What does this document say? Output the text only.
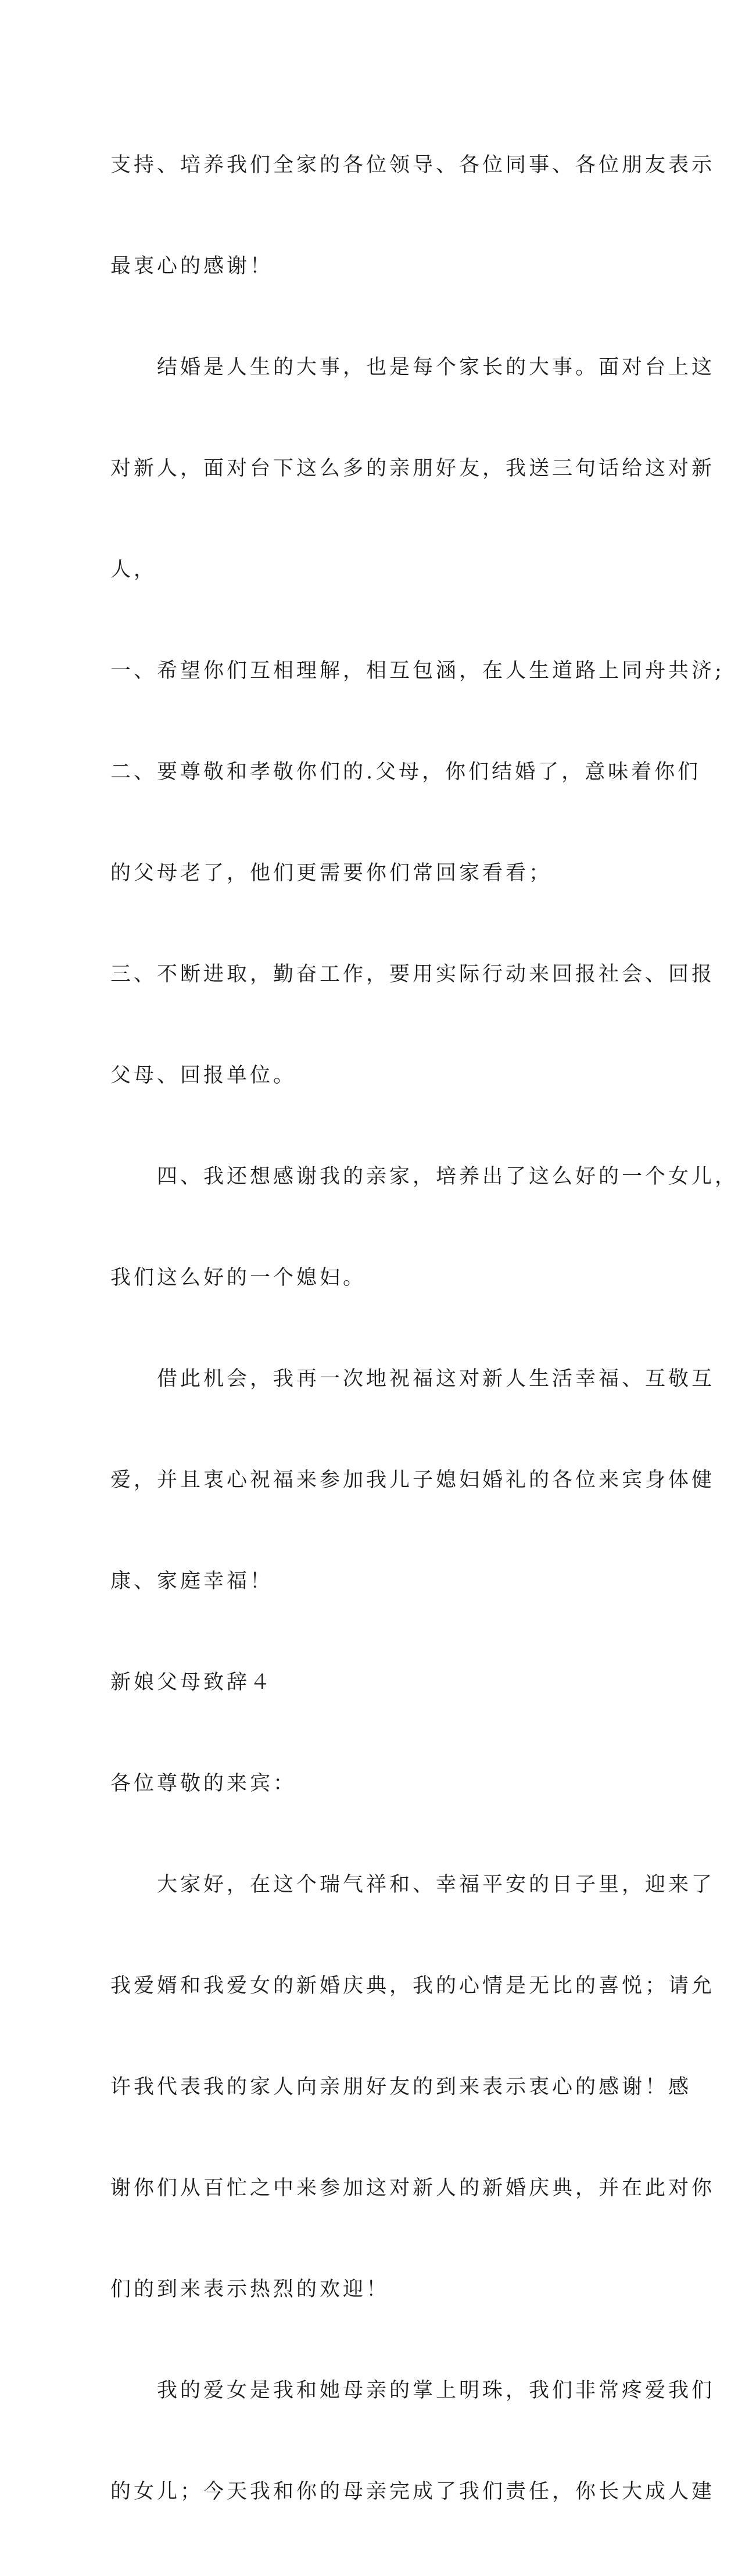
支持、培养我们全家的各位领导、各位同事、各位朋友表示

最衷心的感谢！

　　结婚是人生的大事，也是每个家长的大事。面对台上这

对新人，面对台下这么多的亲朋好友，我送三句话给这对新

人，

一、希望你们互相理解，相互包涵，在人生道路上同舟共济;

二、要尊敬和孝敬你们的.父母，你们结婚了，意味着你们

的父母老了，他们更需要你们常回家看看；

三、不断进取，勤奋工作，要用实际行动来回报社会、回报

父母、回报单位。

　　四、我还想感谢我的亲家，培养出了这么好的一个女儿，

我们这么好的一个媳妇。

　　借此机会，我再一次地祝福这对新人生活幸福、互敬互

爱，并且衷心祝福来参加我儿子媳妇婚礼的各位来宾身体健

康、家庭幸福！

新娘父母致辞４

各位尊敬的来宾：

　　大家好，在这个瑞气祥和、幸福平安的日子里，迎来了

我爱婿和我爱女的新婚庆典，我的心情是无比的喜悦；请允

许我代表我的家人向亲朋好友的到来表示衷心的感谢！感

谢你们从百忙之中来参加这对新人的新婚庆典，并在此对你

们的到来表示热烈的欢迎！

　　我的爱女是我和她母亲的掌上明珠，我们非常疼爱我们

的女儿；今天我和你的母亲完成了我们责任，你长大成人建
